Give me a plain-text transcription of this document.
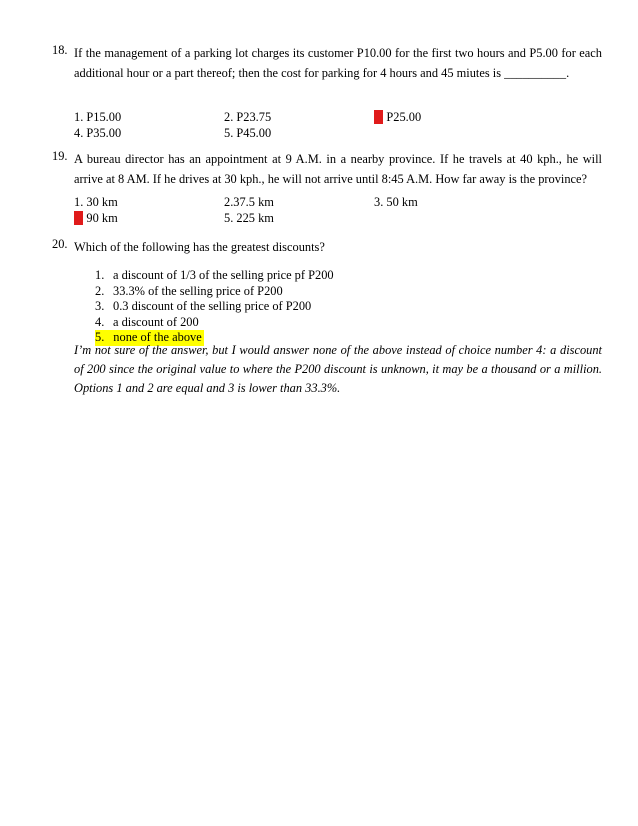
18. If the management of a parking lot charges its customer P10.00 for the first two hours and P5.00 for each additional hour or a part thereof; then the cost for parking for 4 hours and 45 miutes is __________.
1. P15.00	2. P23.75	3. P25.00
4. P35.00	5. P45.00
19. A bureau director has an appointment at 9 A.M. in a nearby province. If he travels at 40 kph., he will arrive at 8 AM. If he drives at 30 kph., he will not arrive until 8:45 A.M. How far away is the province?
1. 30 km	2.37.5 km	3. 50 km
4. 90 km	5. 225 km
20. Which of the following has the greatest discounts?
1. a discount of 1/3 of the selling price pf P200
2. 33.3% of the selling price of P200
3. 0.3 discount of the selling price of P200
4. a discount of 200
5. none of the above
I’m not sure of the answer, but I would answer none of the above instead of choice number 4: a discount of 200 since the original value to where the P200 discount is unknown, it may be a thousand or a million. Options 1 and 2 are equal and 3 is lower than 33.3%.
